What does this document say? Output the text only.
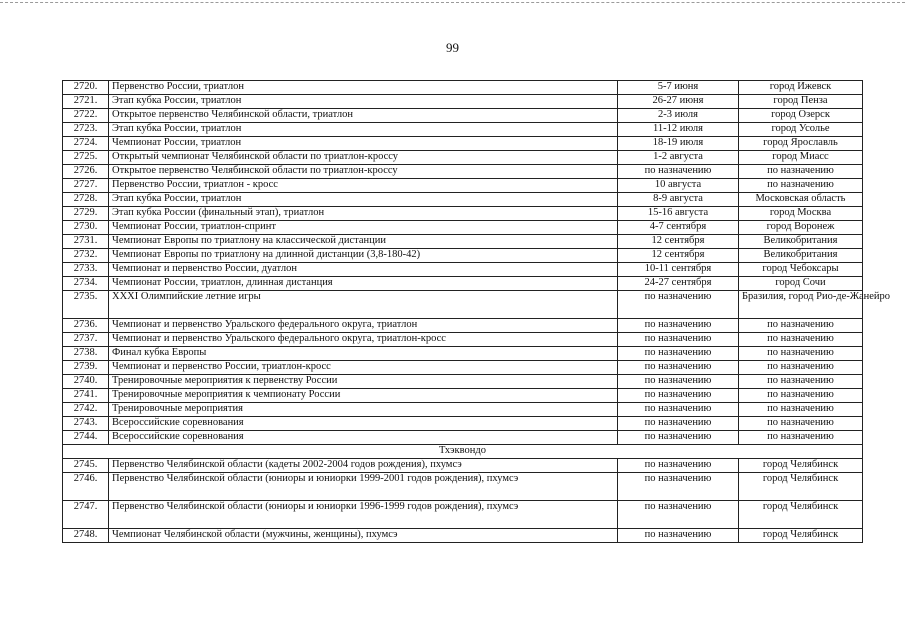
99
2720.	Первенство России, триатлон	5-7 июня	город Ижевск
2721.	Этап кубка России, триатлон	26-27 июня	город Пенза
2722.	Открытое первенство Челябинской области, триатлон	2-3 июля	город Озерск
2723.	Этап кубка России, триатлон	11-12 июля	город Усолье
2724.	Чемпионат России, триатлон	18-19 июля	город Ярославль
2725.	Открытый чемпионат Челябинской области по триатлон-кроссу	1-2 августа	город Миасс
2726.	Открытое первенство Челябинской области по триатлон-кроссу	по назначению	по назначению
2727.	Первенство России, триатлон - кросс	10 августа	по назначению
2728.	Этап кубка России, триатлон	8-9 августа	Московская область
2729.	Этап кубка России (финальный этап), триатлон	15-16 августа	город Москва
2730.	Чемпионат России, триатлон-спринт	4-7 сентября	город Воронеж
2731.	Чемпионат Европы по триатлону на классической дистанции	12 сентября	Великобритания
2732.	Чемпионат Европы по триатлону на длинной дистанции (3,8-180-42)	12 сентября	Великобритания
2733.	Чемпионат и первенство России, дуатлон	10-11 сентября	город Чебоксары
2734.	Чемпионат России, триатлон, длинная дистанция	24-27 сентября	город Сочи
2735.	XXXI Олимпийские летние игры	по назначению	Бразилия, город Рио-де-Жанейро
2736.	Чемпионат и первенство Уральского федерального округа, триатлон	по назначению	по назначению
2737.	Чемпионат и первенство Уральского федерального округа, триатлон-кросс	по назначению	по назначению
2738.	Финал кубка Европы	по назначению	по назначению
2739.	Чемпионат и первенство России, триатлон-кросс	по назначению	по назначению
2740.	Тренировочные мероприятия к первенству России	по назначению	по назначению
2741.	Тренировочные мероприятия к чемпионату России	по назначению	по назначению
2742.	Тренировочные мероприятия	по назначению	по назначению
2743.	Всероссийские соревнования	по назначению	по назначению
2744.	Всероссийские соревнования	по назначению	по назначению
Тхэквондо			
2745.	Первенство Челябинской области (кадеты 2002-2004 годов рождения), пхумсэ	по назначению	город Челябинск
2746.	Первенство Челябинской области (юниоры и юниорки 1999-2001 годов рождения), пхумсэ	по назначению	город Челябинск
2747.	Первенство Челябинской области (юниоры и юниорки 1996-1999 годов рождения), пхумсэ	по назначению	город Челябинск
2748.	Чемпионат Челябинской области (мужчины, женщины), пхумсэ	по назначению	город Челябинск
